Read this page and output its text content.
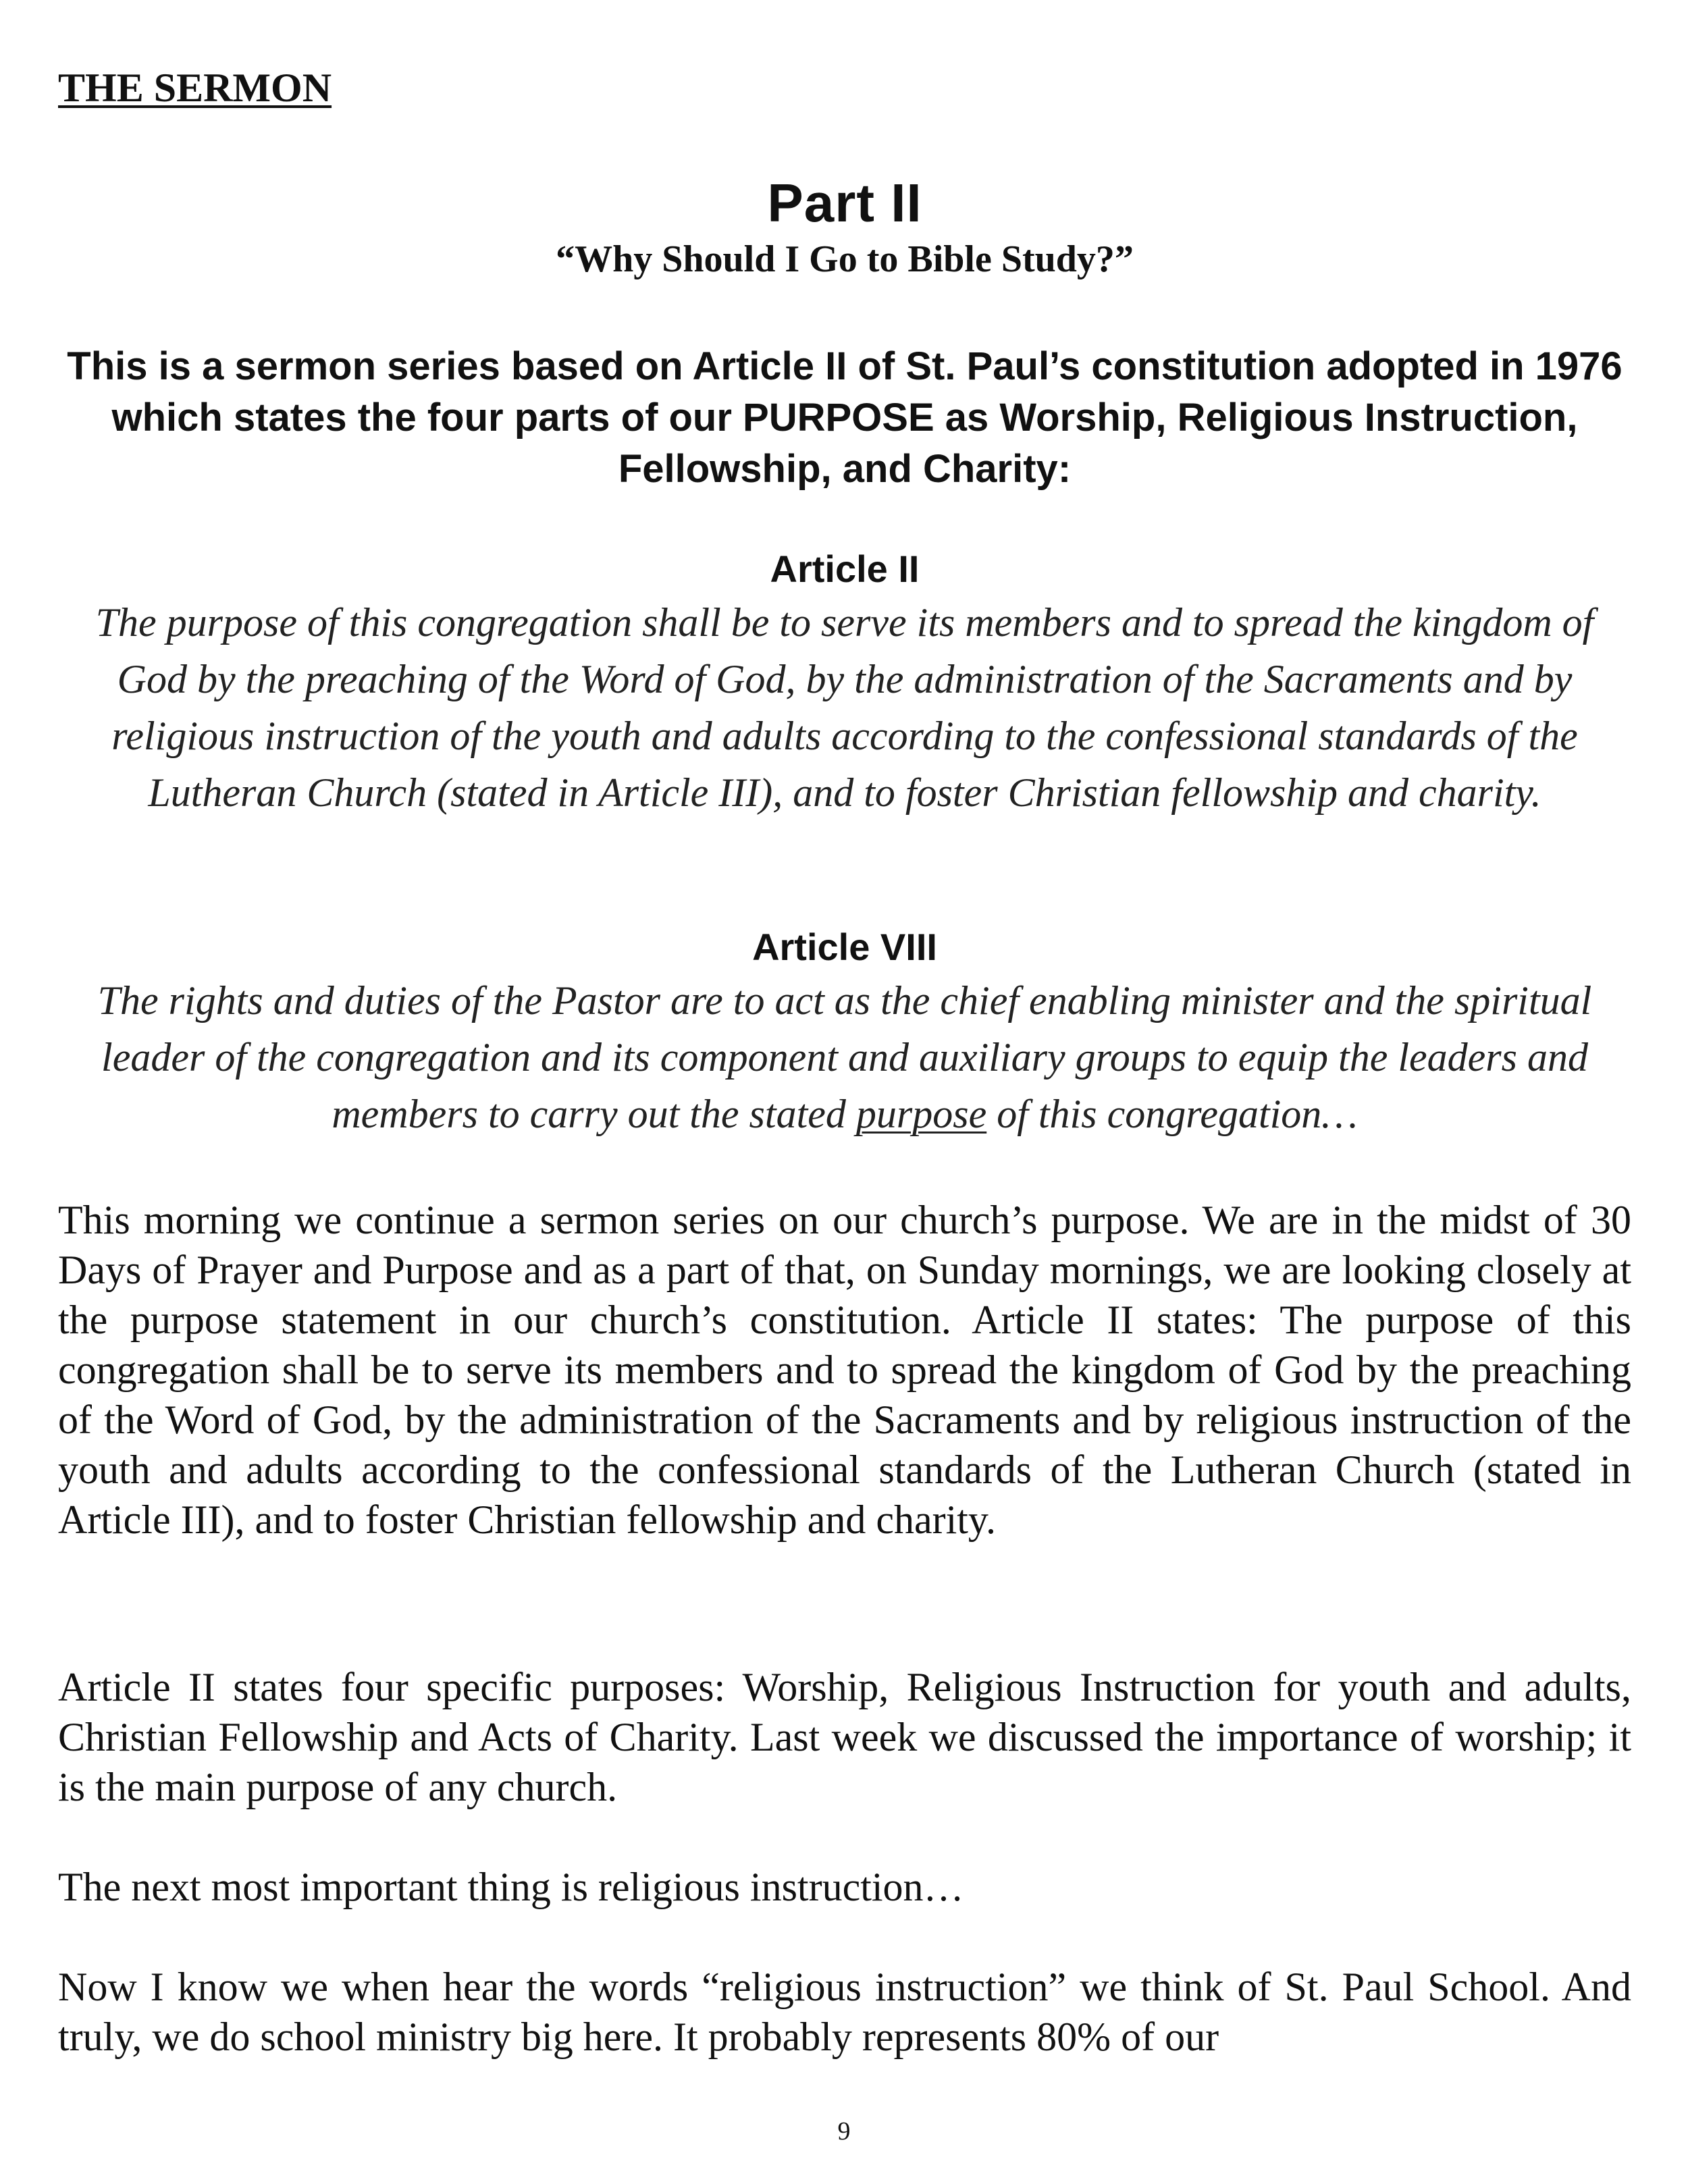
THE SERMON
Part II
“Why Should I Go to Bible Study?”
This is a sermon series based on Article II of St. Paul’s constitution adopted in 1976 which states the four parts of our PURPOSE as Worship, Religious Instruction, Fellowship, and Charity:
Article II
The purpose of this congregation shall be to serve its members and to spread the kingdom of God by the preaching of the Word of God, by the administration of the Sacraments and by religious instruction of the youth and adults according to the confessional standards of the Lutheran Church (stated in Article III), and to foster Christian fellowship and charity.
Article VIII
The rights and duties of the Pastor are to act as the chief enabling minister and the spiritual leader of the congregation and its component and auxiliary groups to equip the leaders and members to carry out the stated purpose of this congregation…

This morning we continue a sermon series on our church’s purpose. We are in the midst of 30 Days of Prayer and Purpose and as a part of that, on Sunday mornings, we are looking closely at the purpose statement in our church’s constitution. Article II states: The purpose of this congregation shall be to serve its members and to spread the kingdom of God by the preaching of the Word of God, by the administration of the Sacraments and by religious instruction of the youth and adults according to the confessional standards of the Lutheran Church (stated in Article III), and to foster Christian fellowship and charity.

Article II states four specific purposes: Worship, Religious Instruction for youth and adults, Christian Fellowship and Acts of Charity. Last week we discussed the importance of worship; it is the main purpose of any church.

The next most important thing is religious instruction…

Now I know we when hear the words “religious instruction” we think of St. Paul School. And truly, we do school ministry big here. It probably represents 80% of our

9
